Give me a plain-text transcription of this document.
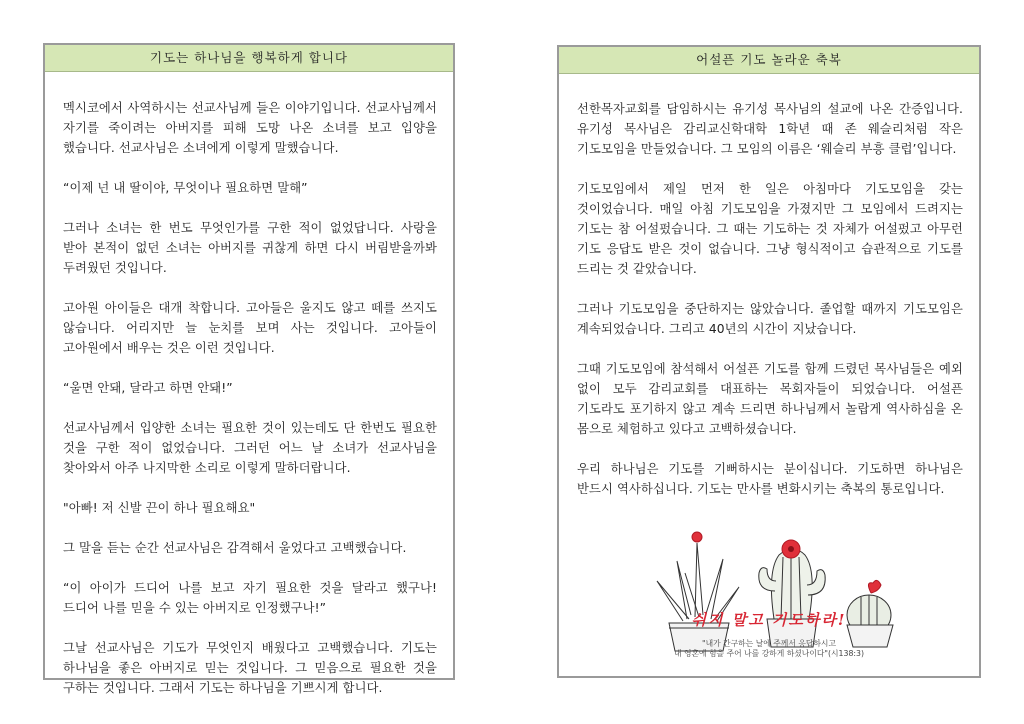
기도는 하나님을 행복하게 합니다

멕시코에서 사역하시는 선교사님께 들은 이야기입니다. 선교사님께서 자기를 죽이려는 아버지를 피해 도망 나온 소녀를 보고 입양을 했습니다. 선교사님은 소녀에게 이렇게 말했습니다.

“이제 넌 내 딸이야, 무엇이나 필요하면 말해”

그러나 소녀는 한 번도 무엇인가를 구한 적이 없었답니다. 사랑을 받아 본적이 없던 소녀는 아버지를 귀찮게 하면 다시 버림받을까봐 두려웠던 것입니다.

고아원 아이들은 대개 착합니다. 고아들은 울지도 않고 떼를 쓰지도 않습니다. 어리지만 늘 눈치를 보며 사는 것입니다. 고아들이 고아원에서 배우는 것은 이런 것입니다.

“울면 안돼, 달라고 하면 안돼!”

선교사님께서 입양한 소녀는 필요한 것이 있는데도 단 한번도 필요한 것을 구한 적이 없었습니다. 그러던 어느 날 소녀가 선교사님을 찾아와서 아주 나지막한 소리로 이렇게 말하더랍니다.

"아빠! 저 신발 끈이 하나 필요해요"

그 말을 듣는 순간 선교사님은 감격해서 울었다고 고백했습니다.

“이 아이가 드디어 나를 보고 자기 필요한 것을 달라고 했구나! 드디어 나를 믿을 수 있는 아버지로 인정했구나!”

그날 선교사님은 기도가 무엇인지 배웠다고 고백했습니다. 기도는 하나님을 좋은 아버지로 믿는 것입니다. 그 믿음으로 필요한 것을 구하는 것입니다. 그래서 기도는 하나님을 기쁘시게 합니다.

어설픈 기도 놀라운 축복

선한목자교회를 담임하시는 유기성 목사님의 설교에 나온 간증입니다. 유기성 목사님은 감리교신학대학 1학년 때 존 웨슬리처럼 작은 기도모임을 만들었습니다. 그 모임의 이름은 ‘웨슬리 부흥 클럽’입니다.

기도모임에서 제일 먼저 한 일은 아침마다 기도모임을 갖는 것이었습니다. 매일 아침 기도모임을 가졌지만 그 모임에서 드려지는 기도는 참 어설펐습니다. 그 때는 기도하는 것 자체가 어설펐고 아무런 기도 응답도 받은 것이 없습니다. 그냥 형식적이고 습관적으로 기도를 드리는 것 같았습니다.

그러나 기도모임을 중단하지는 않았습니다. 졸업할 때까지 기도모임은 계속되었습니다. 그리고 40년의 시간이 지났습니다.

그때 기도모임에 참석해서 어설픈 기도를 함께 드렸던 목사님들은 예외 없이 모두 감리교회를 대표하는 목회자들이 되었습니다. 어설픈 기도라도 포기하지 않고 계속 드리면 하나님께서 놀랍게 역사하심을 온 몸으로 체험하고 있다고 고백하셨습니다.

우리 하나님은 기도를 기뻐하시는 분이십니다. 기도하면 하나님은 반드시 역사하십니다. 기도는 만사를 변화시키는 축복의 통로입니다.

쉬지 말고 기도하라!
"내가 간구하는 날에 주께서 응답하시고
내 영혼에 힘을 주어 나를 강하게 하셨나이다"(시138:3)
